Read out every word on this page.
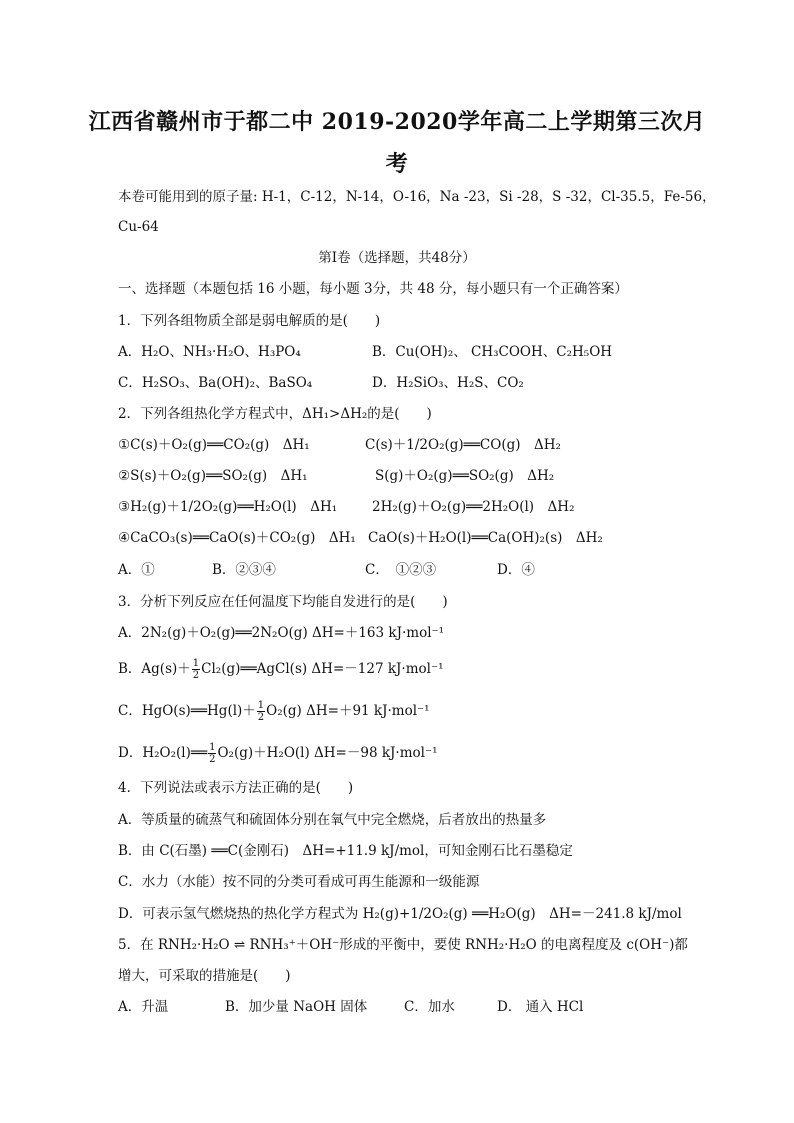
江西省赣州市于都二中 2019-2020学年高二上学期第三次月
考
本卷可能用到的原子量: H-1，C-12，N-14，O-16，Na -23，Si -28，S -32，Cl-35.5，Fe-56，
Cu-64
第Ⅰ卷（选择题，共48分）
一、选择题（本题包括 16 小题，每小题 3分，共 48 分，每小题只有一个正确答案）
1．下列各组物质全部是弱电解质的是(　　)
A．H₂O、NH₃·H₂O、H₃PO₄	B．Cu(OH)₂、 CH₃COOH、C₂H₅OH
C．H₂SO₃、Ba(OH)₂、BaSO₄	D．H₂SiO₃、H₂S、CO₂
2．下列各组热化学方程式中，ΔH₁>ΔH₂的是(　　)
①C(s)＋O₂(g)══CO₂(g)　ΔH₁	C(s)＋1/2O₂(g)══CO(g)　ΔH₂
②S(s)＋O₂(g)══SO₂(g)　ΔH₁	S(g)＋O₂(g)══SO₂(g)　ΔH₂
③H₂(g)＋1/2O₂(g)══H₂O(l)　ΔH₁	2H₂(g)＋O₂(g)══2H₂O(l)　ΔH₂
④CaCO₃(s)══CaO(s)＋CO₂(g)　ΔH₁ CaO(s)＋H₂O(l)══Ca(OH)₂(s)　ΔH₂
A．①	B．②③④	C．　①②③	D．④
3．分析下列反应在任何温度下均能自发进行的是(　　)
A．2N₂(g)＋O₂(g)══2N₂O(g) ΔH=＋163 kJ·mol⁻¹
B．$Ag(s)+ \frac{1}{2}$ Cl₂(g)══AgCl(s) ΔH=－127 kJ·mol⁻¹
C．HgO(s)══Hg(l)＋ $\frac{1}{2} O_2(g)$ ΔH=＋91 kJ·mol⁻¹
D．H₂O₂(l)══ $\frac{1}{2} O_2(g)+H_2O(l)$ ΔH=－98 kJ·mol⁻¹
4．下列说法或表示方法正确的是(　　)
A．等质量的硫蒸气和硫固体分别在氧气中完全燃烧，后者放出的热量多
B．由 C(石墨) ══C(金刚石)　ΔH=+11.9 kJ/mol，可知金刚石比石墨稳定
C．水力（水能）按不同的分类可看成可再生能源和一级能源
D．可表示氢气燃烧热的热化学方程式为 H₂(g)+1/2O₂(g) ══H₂O(g)　ΔH=－241.8 kJ/mol
5．在 RNH₂·H₂O ⇌ RNH₃⁺＋OH⁻形成的平衡中，要使 RNH₂·H₂O 的电离程度及 c(OH⁻)都
增大，可采取的措施是(　　)
A．升温	B．加少量 NaOH 固体	C．加水	D． 通入 HCl
